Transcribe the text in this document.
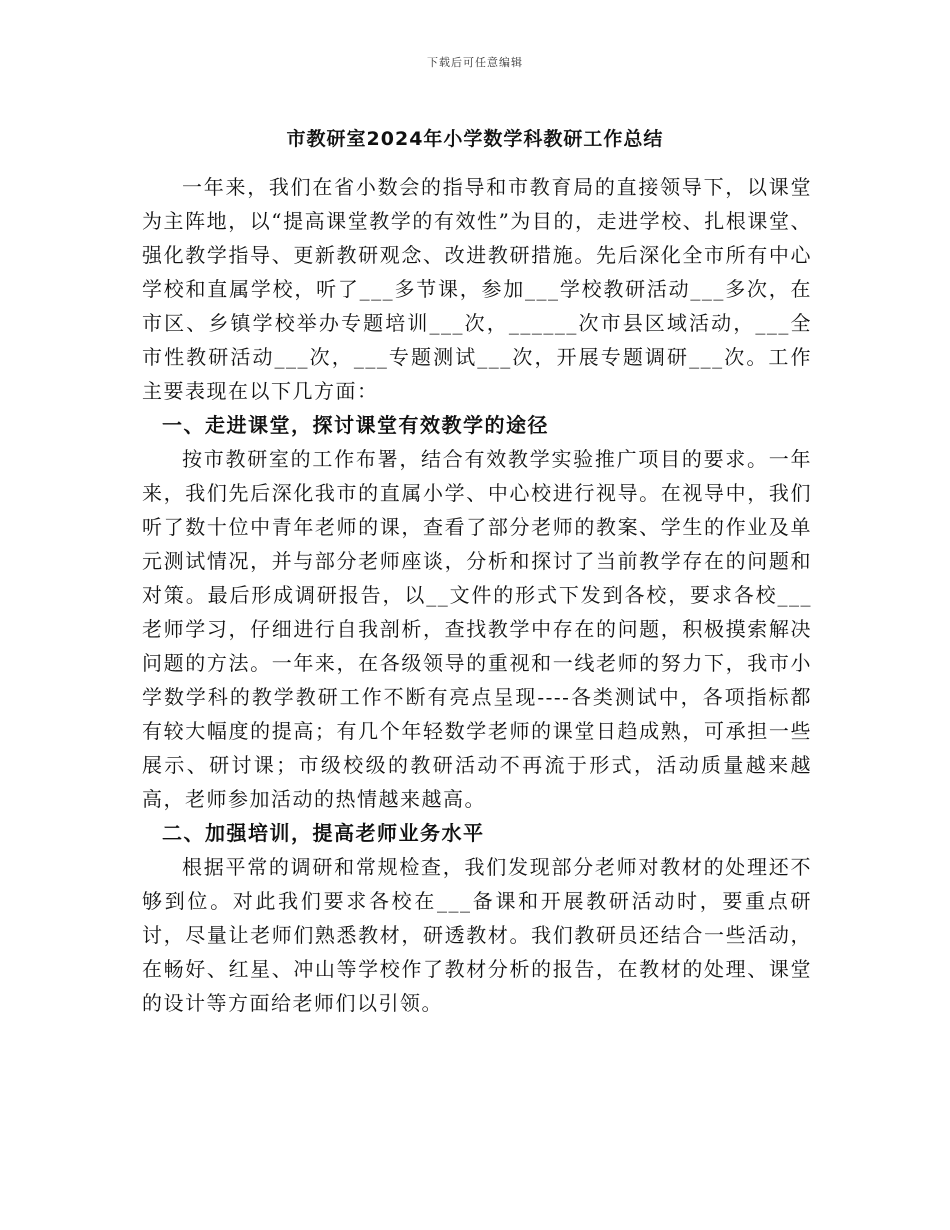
下载后可任意编辑
市教研室2024年小学数学科教研工作总结

一年来，我们在省小数会的指导和市教育局的直接领导下，以课堂为主阵地，以“提高课堂教学的有效性”为目的，走进学校、扎根课堂、强化教学指导、更新教研观念、改进教研措施。先后深化全市所有中心学校和直属学校，听了___多节课，参加___学校教研活动___多次，在市区、乡镇学校举办专题培训___次，______次市县区域活动，___全市性教研活动___次，___专题测试___次，开展专题调研___次。工作主要表现在以下几方面：

一、走进课堂，探讨课堂有效教学的途径

按市教研室的工作布署，结合有效教学实验推广项目的要求。一年来，我们先后深化我市的直属小学、中心校进行视导。在视导中，我们听了数十位中青年老师的课，查看了部分老师的教案、学生的作业及单元测试情况，并与部分老师座谈，分析和探讨了当前教学存在的问题和对策。最后形成调研报告，以__文件的形式下发到各校，要求各校___老师学习，仔细进行自我剖析，查找教学中存在的问题，积极摸索解决问题的方法。一年来，在各级领导的重视和一线老师的努力下，我市小学数学科的教学教研工作不断有亮点呈现----各类测试中，各项指标都有较大幅度的提高；有几个年轻数学老师的课堂日趋成熟，可承担一些展示、研讨课；市级校级的教研活动不再流于形式，活动质量越来越高，老师参加活动的热情越来越高。

二、加强培训，提高老师业务水平

根据平常的调研和常规检查，我们发现部分老师对教材的处理还不够到位。对此我们要求各校在___备课和开展教研活动时，要重点研讨，尽量让老师们熟悉教材，研透教材。我们教研员还结合一些活动，在畅好、红星、冲山等学校作了教材分析的报告，在教材的处理、课堂的设计等方面给老师们以引领。
